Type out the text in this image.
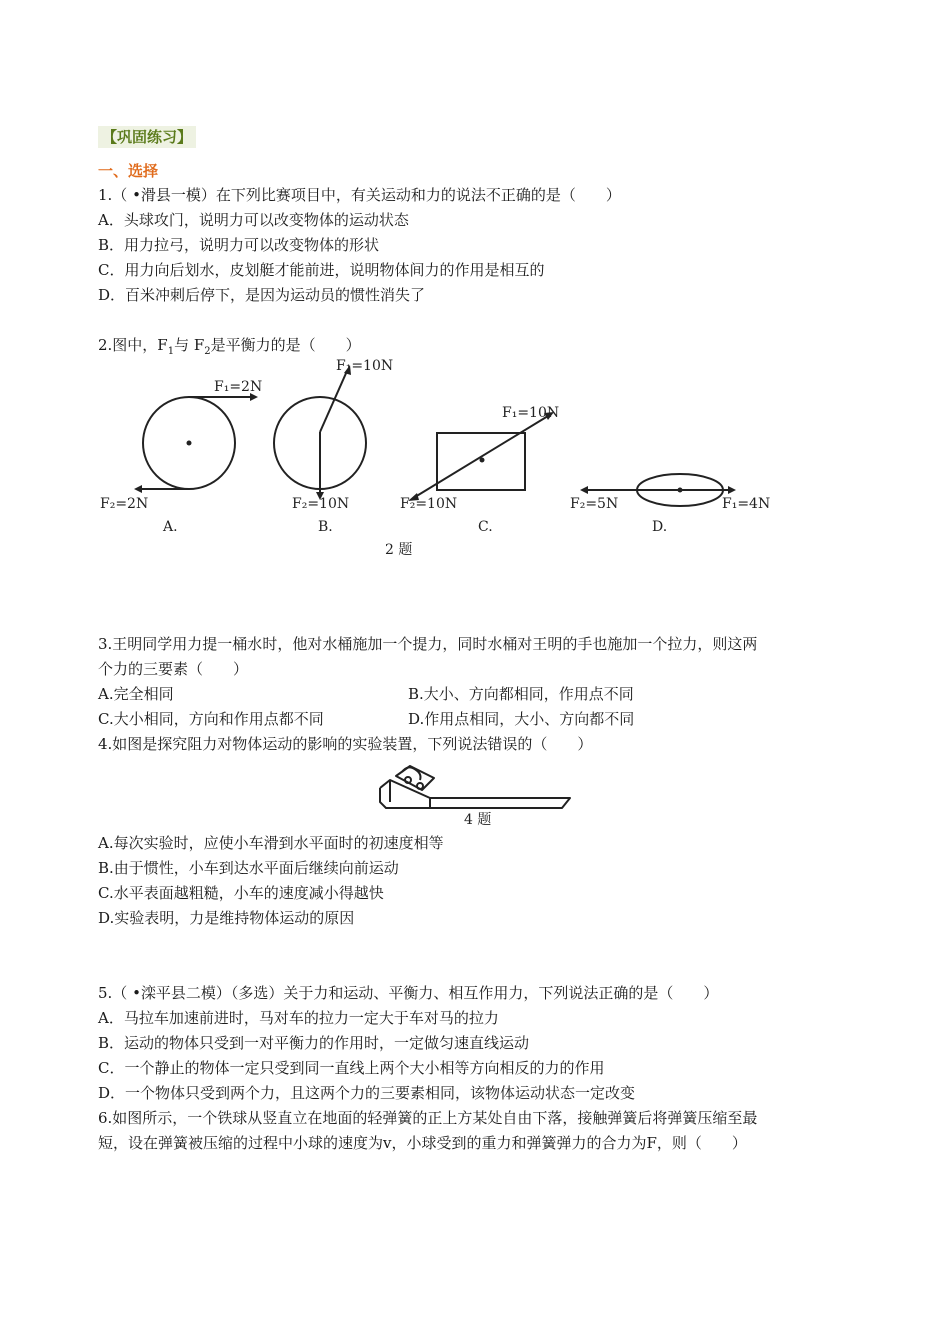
【巩固练习】
一、选择
1.（ •滑县一模）在下列比赛项目中，有关运动和力的说法不正确的是（　　）
A．头球攻门，说明力可以改变物体的运动状态
B．用力拉弓，说明力可以改变物体的形状
C．用力向后划水，皮划艇才能前进，说明物体间力的作用是相互的
D．百米冲刺后停下，是因为运动员的惯性消失了
2.图中，$F_1$与 $F_2$是平衡力的是（　　）
F₁=2N
F₂=2N
F₁=10N
F₂=10N
F₁=10N
F₂=10N	F₂=5N	F₁=4N
A.	B.	C.	D.
2 题
3.王明同学用力提一桶水时，他对水桶施加一个提力，同时水桶对王明的手也施加一个拉力，则这两
个力的三要素（　　）
A.完全相同	B.大小、方向都相同，作用点不同
C.大小相同，方向和作用点都不同	D.作用点相同，大小、方向都不同
4.如图是探究阻力对物体运动的影响的实验装置，下列说法错误的（　　）
4 题
A.每次实验时，应使小车滑到水平面时的初速度相等
B.由于惯性，小车到达水平面后继续向前运动
C.水平表面越粗糙，小车的速度减小得越快
D.实验表明，力是维持物体运动的原因
5.（ •滦平县二模）（多选）关于力和运动、平衡力、相互作用力，下列说法正确的是（　　）
A．马拉车加速前进时，马对车的拉力一定大于车对马的拉力
B．运动的物体只受到一对平衡力的作用时，一定做匀速直线运动
C．一个静止的物体一定只受到同一直线上两个大小相等方向相反的力的作用
D．一个物体只受到两个力，且这两个力的三要素相同，该物体运动状态一定改变
6.如图所示，一个铁球从竖直立在地面的轻弹簧的正上方某处自由下落，接触弹簧后将弹簧压缩至最
短，设在弹簧被压缩的过程中小球的速度为v，小球受到的重力和弹簧弹力的合力为F，则（　　）
